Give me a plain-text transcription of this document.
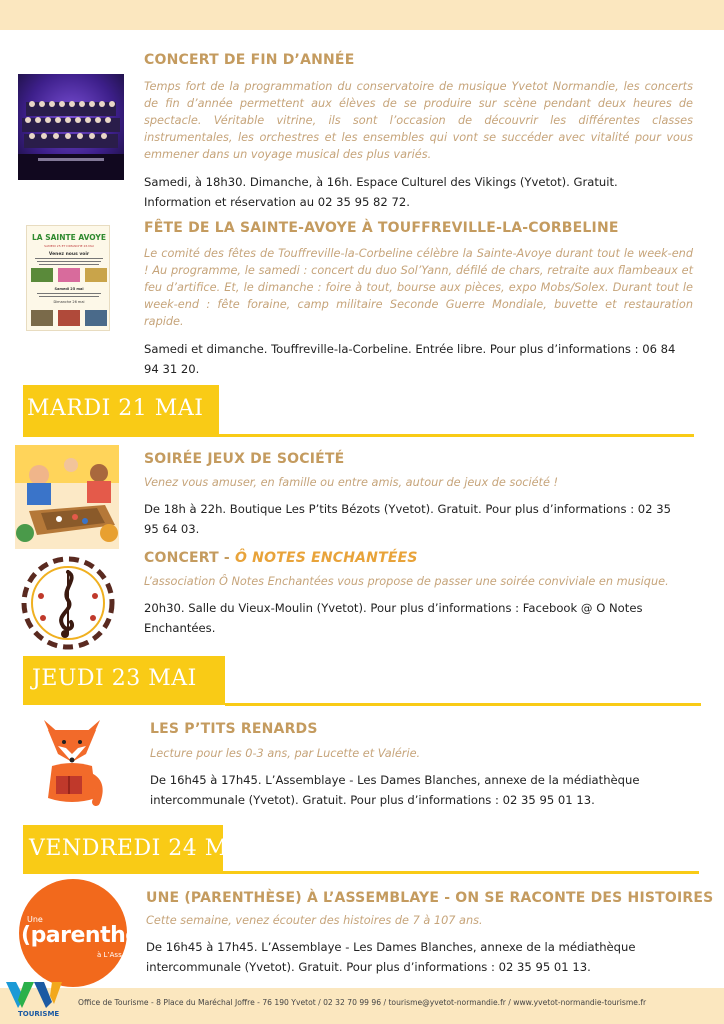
CONCERT DE FIN D’ANNÉE
Temps fort de la programmation du conservatoire de musique Yvetot Normandie, les concerts de fin d’année permettent aux élèves de se produire sur scène pendant deux heures de spectacle. Véritable vitrine, ils sont l’occasion de découvrir les différentes classes instrumentales, les orchestres et les ensembles qui vont se succéder avec vitalité pour vous emmener dans un voyage musical des plus variés.
Samedi, à 18h30. Dimanche, à 16h. Espace Culturel des Vikings (Yvetot). Gratuit. Information et réservation au 02 35 95 82 72.
LA SAINTE AVOYE
SAMEDI 25 ET DIMANCHE 26 MAI
Venez nous voir
Samedi 25 mai
Dimanche 26 mai
FÊTE DE LA SAINTE-AVOYE À TOUFFREVILLE-LA-CORBELINE
Le comité des fêtes de Touffreville-la-Corbeline célèbre la Sainte-Avoye durant tout le week-end ! Au programme, le samedi : concert du duo Sol’Yann, défilé de chars, retraite aux flambeaux et feu d’artifice. Et, le dimanche : foire à tout, bourse aux pièces, expo Mobs/Solex. Durant tout le week-end : fête foraine, camp militaire Seconde Guerre Mondiale, buvette et restauration rapide.
Samedi et dimanche. Touffreville-la-Corbeline. Entrée libre. Pour plus d’informations : 06 84 94 31 20.
MARDI 21 MAI
SOIRÉE JEUX DE SOCIÉTÉ
Venez vous amuser, en famille ou entre amis, autour de jeux de société !
De 18h à 22h. Boutique Les P’tits Bézots (Yvetot). Gratuit. Pour plus d’informations : 02 35 95 64 03.
CONCERT - Ô NOTES ENCHANTÉES
L’association Ô Notes Enchantées vous propose de passer une soirée conviviale en musique.
20h30. Salle du Vieux-Moulin (Yvetot). Pour plus d’informations : Facebook @ O Notes Enchantées.
JEUDI 23 MAI
LES P’TITS RENARDS
Lecture pour les 0-3 ans, par Lucette et Valérie.
De 16h45 à 17h45. L’Assemblaye - Les Dames Blanches, annexe de la médiathèque intercommunale (Yvetot). Gratuit. Pour plus d’informations : 02 35 95 01 13.
VENDREDI 24 MAI
Une
(parenthè
à L’Ass
UNE (PARENTHÈSE) À L’ASSEMBLAYE - ON SE RACONTE DES HISTOIRES
Cette semaine, venez écouter des histoires de 7 à 107 ans.
De 16h45 à 17h45. L’Assemblaye - Les Dames Blanches, annexe de la médiathèque intercommunale (Yvetot). Gratuit. Pour plus d’informations : 02 35 95 01 13.
TOURISME
Office de Tourisme - 8 Place du Maréchal Joffre - 76 190 Yvetot / 02 32 70 99 96 / tourisme@yvetot-normandie.fr / www.yvetot-normandie-tourisme.fr
